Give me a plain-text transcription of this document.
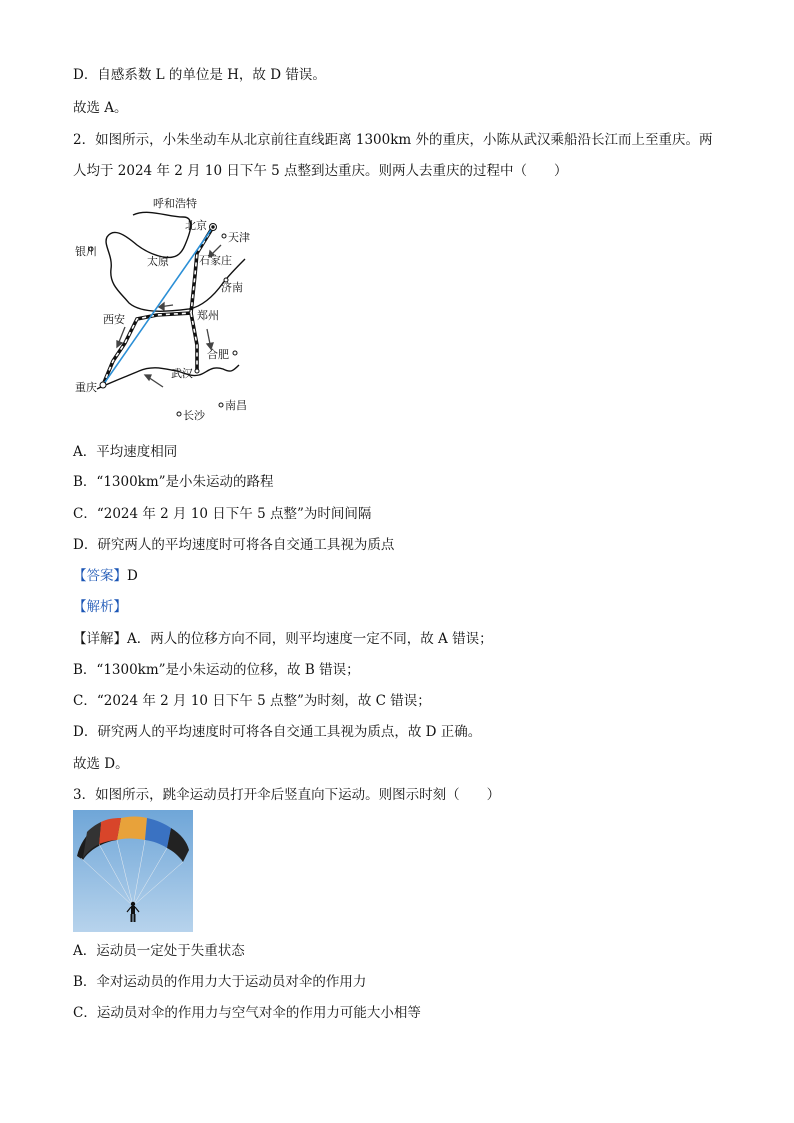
D．自感系数 L 的单位是 H，故 D 错误。
故选 A。
2．如图所示，小朱坐动车从北京前往直线距离 1300km 外的重庆，小陈从武汉乘船沿长江而上至重庆。两
人均于 2024 年 2 月 10 日下午 5 点整到达重庆。则两人去重庆的过程中（　　）
呼和浩特
北京
天津
银川
太原	石家庄
济南
西安	郑州
合肥
武汉
重庆
南昌
长沙
A．平均速度相同
B．“1300km”是小朱运动的路程
C．“2024 年 2 月 10 日下午 5 点整”为时间间隔
D．研究两人的平均速度时可将各自交通工具视为质点
【答案】D
【解析】
【详解】A．两人的位移方向不同，则平均速度一定不同，故 A 错误；
B．“1300km”是小朱运动的位移，故 B 错误；
C．“2024 年 2 月 10 日下午 5 点整”为时刻，故 C 错误；
D．研究两人的平均速度时可将各自交通工具视为质点，故 D 正确。
故选 D。
3．如图所示，跳伞运动员打开伞后竖直向下运动。则图示时刻（　　）
A．运动员一定处于失重状态
B．伞对运动员的作用力大于运动员对伞的作用力
C．运动员对伞的作用力与空气对伞的作用力可能大小相等
